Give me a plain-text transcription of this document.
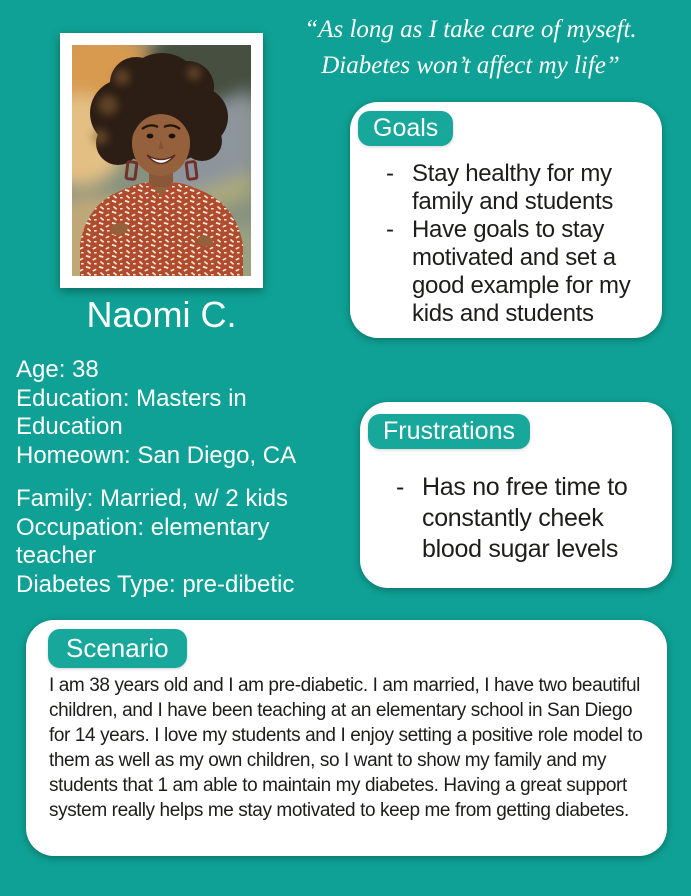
“As long as I take care of myseft.
Diabetes won’t affect my life”
Naomi C.
Age: 38
Education: Masters in Education
Homeown: San Diego, CA
Family: Married, w/ 2 kids
Occupation: elementary teacher
Diabetes Type: pre-dibetic
Goals
- Stay healthy for my family and students
- Have goals to stay motivated and set a good example for my kids and students
Frustrations
- Has no free time to constantly cheek blood sugar levels
Scenario
I am 38 years old and I am pre-diabetic. I am married, I have two beautiful children, and I have been teaching at an elementary school in San Diego for 14 years. I love my students and I enjoy setting a positive role model to them as well as my own children, so I want to show my family and my students that 1 am able to maintain my diabetes. Having a great support system really helps me stay motivated to keep me from getting diabetes.
